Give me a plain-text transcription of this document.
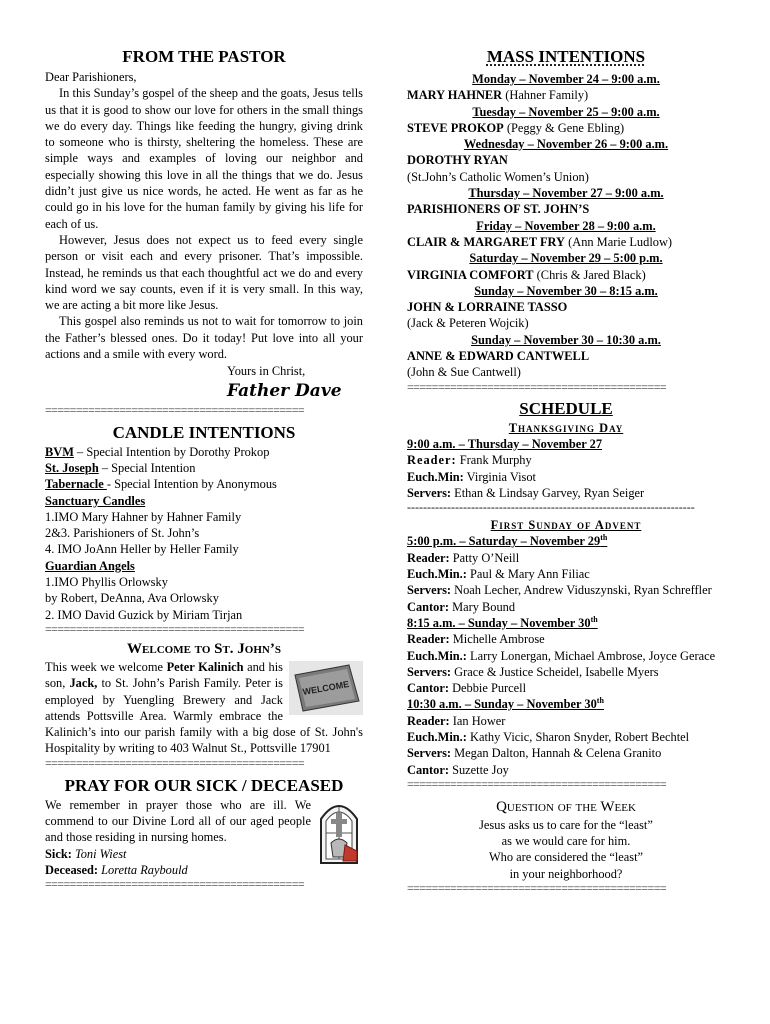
FROM THE PASTOR

Dear Parishioners,

In this Sunday’s gospel of the sheep and the goats, Jesus tells us that it is good to show our love for others in the small things we do every day. Things like feeding the hungry, giving drink to someone who is thirsty, sheltering the homeless. These are simple ways and examples of loving our neighbor and especially showing this love in all the things that we do. Jesus didn’t just give us nice words, he acted. He went as far as he could go in his love for the human family by giving his life for each of us.

However, Jesus does not expect us to feed every single person or visit each and every prisoner. That’s impossible. Instead, he reminds us that each thoughtful act we do and every kind word we say counts, even if it is very small. In this way, we are acting a bit more like Jesus.

This gospel also reminds us not to wait for tomorrow to join the Father’s blessed ones. Do it today! Put love into all your actions and a smile with every word.

Yours in Christ,

Father Dave

==========================================
CANDLE INTENTIONS

BVM – Special Intention by Dorothy Prokop

St. Joseph – Special Intention

Tabernacle - Special Intention by Anonymous

Sanctuary Candles

1.IMO Mary Hahner by Hahner Family

2&3. Parishioners of St. John’s

4. IMO JoAnn Heller by Heller Family

Guardian Angels

1.IMO Phyllis Orlowsky

by Robert, DeAnna, Ava Orlowsky

2. IMO David Guzick by Miriam Tirjan

==========================================
Welcome to St. John’s
WELCOME

This week we welcome Peter Kalinich and his son, Jack, to St. John’s Parish Family. Peter is employed by Yuengling Brewery and Jack attends Pottsville Area. Warmly embrace the Kalinich’s into our parish family with a big dose of St. John's Hospitality by writing to 403 Walnut St., Pottsville 17901

==========================================
PRAY FOR OUR SICK / DECEASED

We remember in prayer those who are ill. We commend to our Divine Lord all of our aged people and those residing in nursing homes.

Sick: Toni Wiest

Deceased: Loretta Raybould

==========================================
MASS INTENTIONS

Monday – November 24 – 9:00 a.m.

MARY HAHNER (Hahner Family)

Tuesday – November 25 – 9:00 a.m.

STEVE PROKOP (Peggy & Gene Ebling)

Wednesday – November 26 – 9:00 a.m.

DOROTHY RYAN

(St.John’s Catholic Women’s Union)

Thursday – November 27 – 9:00 a.m.

PARISHIONERS OF ST. JOHN’S

Friday – November 28 – 9:00 a.m.

CLAIR & MARGARET FRY (Ann Marie Ludlow)

Saturday – November 29 – 5:00 p.m.

VIRGINIA COMFORT (Chris & Jared Black)

Sunday – November 30 – 8:15 a.m.

JOHN & LORRAINE TASSO

(Jack & Peteren Wojcik)

Sunday – November 30 – 10:30 a.m.

ANNE & EDWARD CANTWELL

(John & Sue Cantwell)

==========================================
SCHEDULE

Thanksgiving Day

9:00 a.m. – Thursday – November 27

Reader: Frank Murphy

Euch.Min: Virginia Visot

Servers: Ethan & Lindsay Garvey, Ryan Seiger

------------------------------------------------------------------------

First Sunday of Advent

5:00 p.m. – Saturday – November 29th

Reader: Patty O’Neill

Euch.Min.: Paul & Mary Ann Filiac

Servers: Noah Lecher, Andrew Viduszynski, Ryan Schreffler

Cantor: Mary Bound

8:15 a.m. – Sunday – November 30th

Reader: Michelle Ambrose

Euch.Min.: Larry Lonergan, Michael Ambrose, Joyce Gerace

Servers: Grace & Justice Scheidel, Isabelle Myers

Cantor: Debbie Purcell

10:30 a.m. – Sunday – November 30th

Reader: Ian Hower

Euch.Min.: Kathy Vicic, Sharon Snyder, Robert Bechtel

Servers: Megan Dalton, Hannah & Celena Granito

Cantor: Suzette Joy

==========================================
Question of the Week

Jesus asks us to care for the “least”

as we would care for him.

Who are considered the “least”

in your neighborhood?

==========================================
